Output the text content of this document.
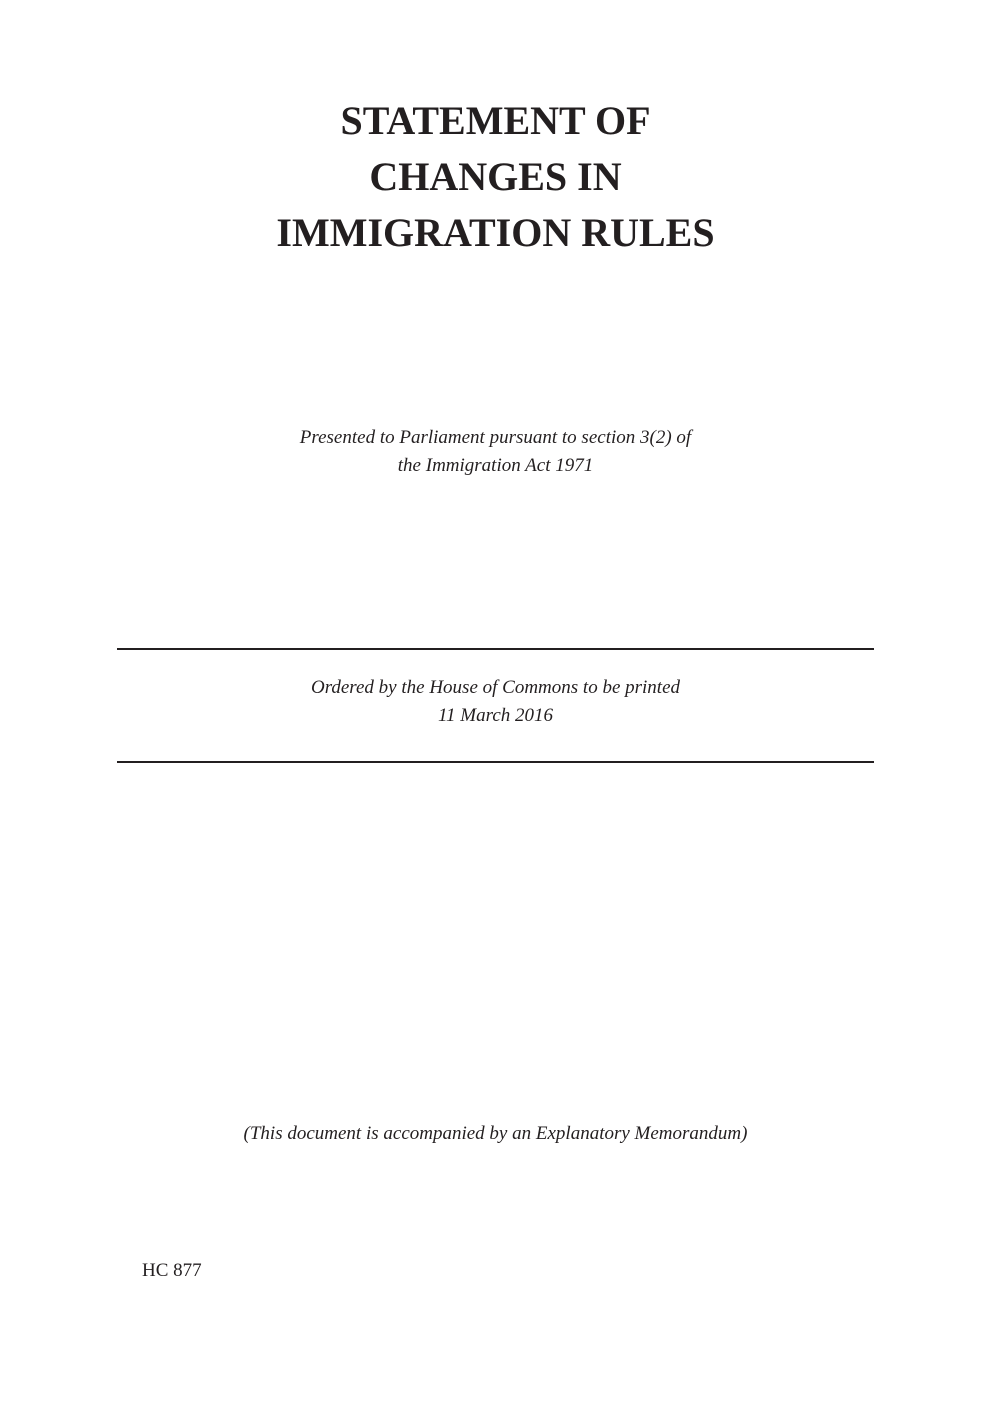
STATEMENT OF
CHANGES IN
IMMIGRATION RULES
Presented to Parliament pursuant to section 3(2) of
the Immigration Act 1971
Ordered by the House of Commons to be printed
11 March 2016
(This document is accompanied by an Explanatory Memorandum)
HC 877
